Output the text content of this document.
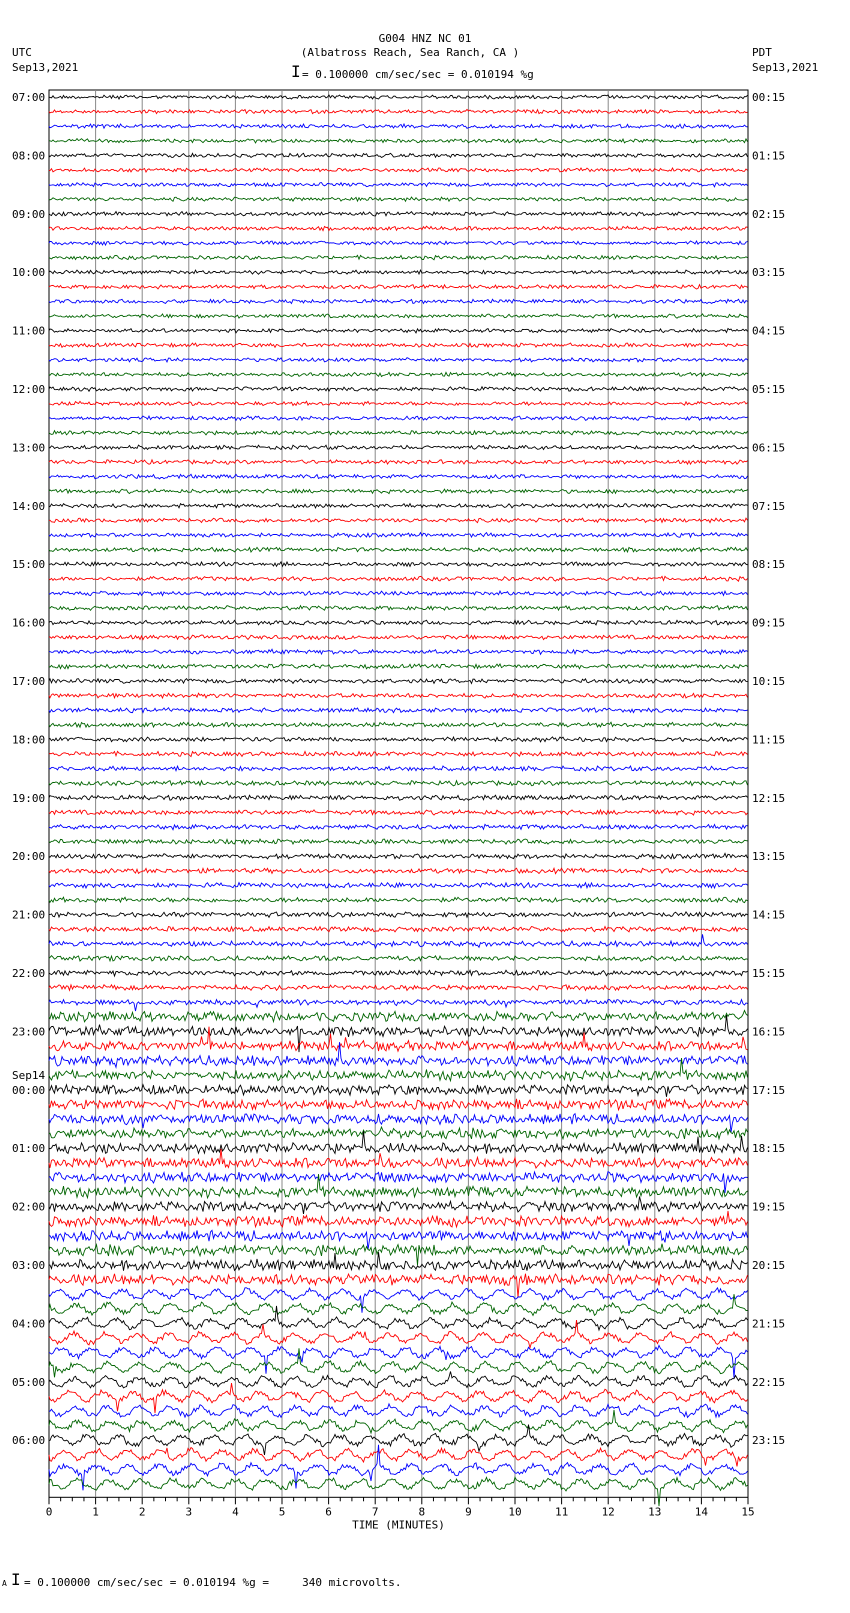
G004 HNZ NC 01
(Albatross Reach, Sea Ranch, CA )
UTC
Sep13,2021
PDT
Sep13,2021
I = 0.100000 cm/sec/sec = 0.010194 %g
07:00
08:00
09:00
10:00
11:00
12:00
13:00
14:00
15:00
16:00
17:00
18:00
19:00
20:00
21:00
22:00
23:00
Sep14
00:00
01:00
02:00
03:00
04:00
05:00
06:00
00:15
01:15
02:15
03:15
04:15
05:15
06:15
07:15
08:15
09:15
10:15
11:15
12:15
13:15
14:15
15:15
16:15
17:15
18:15
19:15
20:15
21:15
22:15
23:15
0	1	2	3	4	5	6	7	8	9	10	11	12	13	14	15
TIME (MINUTES)
A I = 0.100000 cm/sec/sec = 0.010194 %g =     340 microvolts.
